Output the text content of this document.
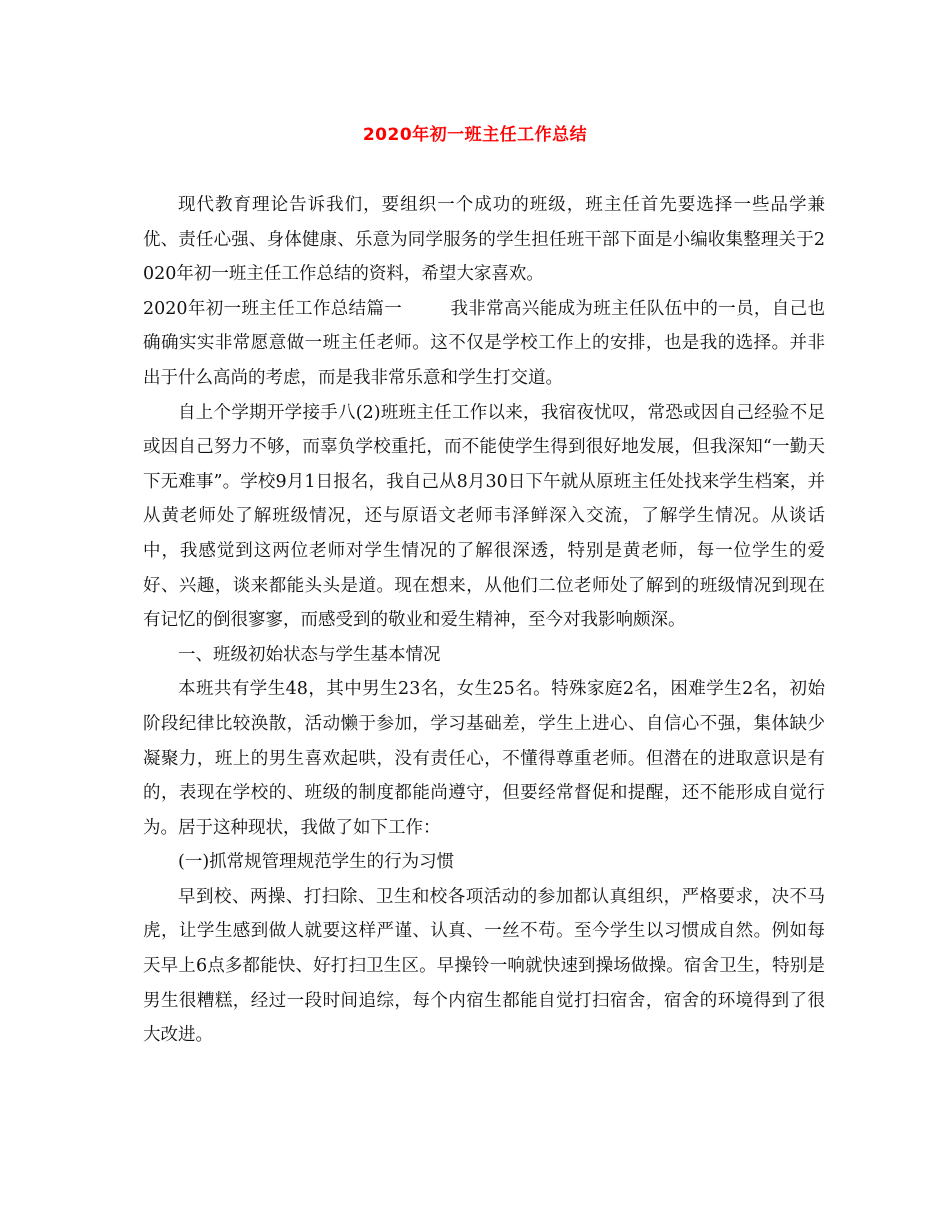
2020年初一班主任工作总结

现代教育理论告诉我们，要组织一个成功的班级，班主任首先要选择一些品学兼优、责任心强、身体健康、乐意为同学服务的学生担任班干部下面是小编收集整理关于2020年初一班主任工作总结的资料，希望大家喜欢。

2020年初一班主任工作总结篇一	我非常高兴能成为班主任队伍中的一员，自己也确确实实非常愿意做一班主任老师。这不仅是学校工作上的安排，也是我的选择。并非出于什么高尚的考虑，而是我非常乐意和学生打交道。

自上个学期开学接手八(2)班班主任工作以来，我宿夜忧叹，常恐或因自己经验不足或因自己努力不够，而辜负学校重托，而不能使学生得到很好地发展，但我深知“一勤天下无难事”。学校9月1日报名，我自己从8月30日下午就从原班主任处找来学生档案，并从黄老师处了解班级情况，还与原语文老师韦泽鲜深入交流，了解学生情况。从谈话中，我感觉到这两位老师对学生情况的了解很深透，特别是黄老师，每一位学生的爱好、兴趣，谈来都能头头是道。现在想来，从他们二位老师处了解到的班级情况到现在有记忆的倒很寥寥，而感受到的敬业和爱生精神，至今对我影响颇深。

一、班级初始状态与学生基本情况

本班共有学生48，其中男生23名，女生25名。特殊家庭2名，困难学生2名，初始阶段纪律比较涣散，活动懒于参加，学习基础差，学生上进心、自信心不强，集体缺少凝聚力，班上的男生喜欢起哄，没有责任心，不懂得尊重老师。但潜在的进取意识是有的，表现在学校的、班级的制度都能尚遵守，但要经常督促和提醒，还不能形成自觉行为。居于这种现状，我做了如下工作：

(一)抓常规管理规范学生的行为习惯

早到校、两操、打扫除、卫生和校各项活动的参加都认真组织，严格要求，决不马虎，让学生感到做人就要这样严谨、认真、一丝不苟。至今学生以习惯成自然。例如每天早上6点多都能快、好打扫卫生区。早操铃一响就快速到操场做操。宿舍卫生，特别是男生很糟糕，经过一段时间追综，每个内宿生都能自觉打扫宿舍，宿舍的环境得到了很大改进。
